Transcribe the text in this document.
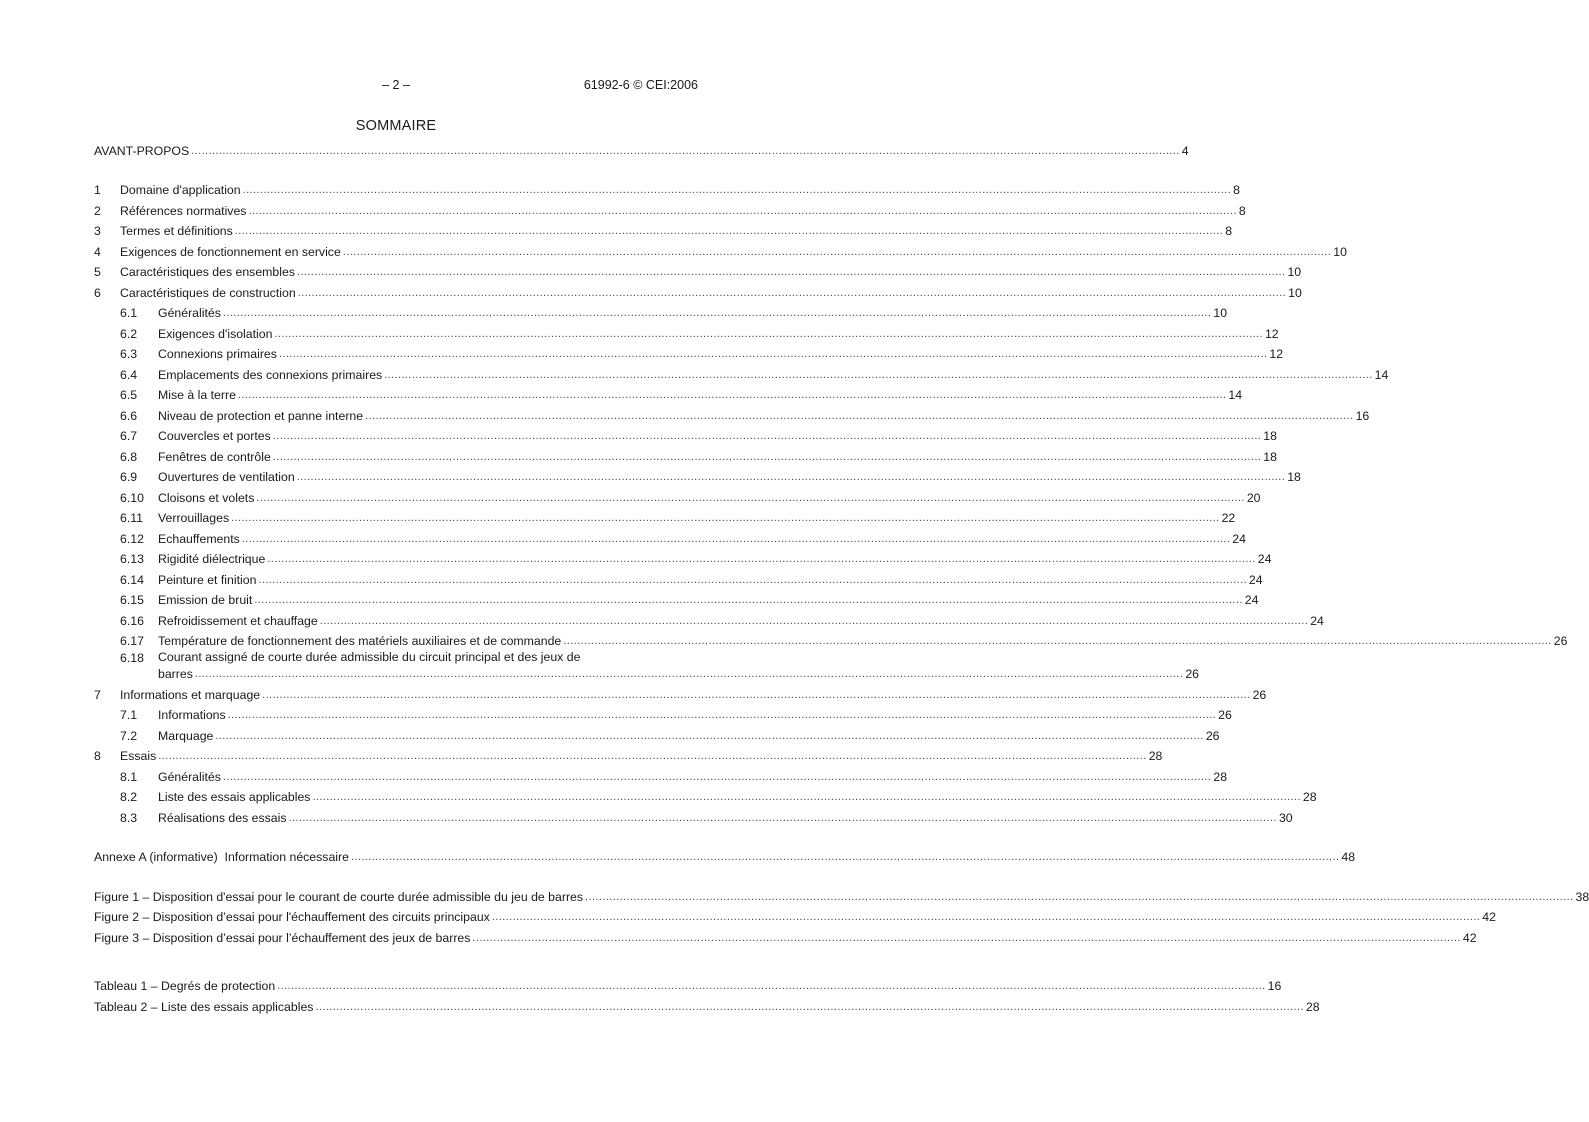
– 2 –	61992-6 © CEI:2006
SOMMAIRE
AVANT-PROPOS .....	4
1	Domaine d'application .....	8
2	Références normatives .....	8
3	Termes et définitions .....	8
4	Exigences de fonctionnement en service .....	10
5	Caractéristiques des ensembles .....	10
6	Caractéristiques de construction .....	10
6.1	Généralités .....	10
6.2	Exigences d'isolation .....	12
6.3	Connexions primaires .....	12
6.4	Emplacements des connexions primaires .....	14
6.5	Mise à la terre .....	14
6.6	Niveau de protection et panne interne .....	16
6.7	Couvercles et portes .....	18
6.8	Fenêtres de contrôle .....	18
6.9	Ouvertures de ventilation .....	18
6.10	Cloisons et volets .....	20
6.11	Verrouillages .....	22
6.12	Echauffements .....	24
6.13	Rigidité diélectrique .....	24
6.14	Peinture et finition .....	24
6.15	Emission de bruit .....	24
6.16	Refroidissement et chauffage .....	24
6.17	Température de fonctionnement des matériels auxiliaires et de commande .....	26
6.18	Courant assigné de courte durée admissible du circuit principal et des jeux de
barres .....	26
7	Informations et marquage .....	26
7.1	Informations .....	26
7.2	Marquage .....	26
8	Essais .....	28
8.1	Généralités .....	28
8.2	Liste des essais applicables .....	28
8.3	Réalisations des essais .....	30
Annexe A (informative)  Information nécessaire .....	48
Figure 1 – Disposition d'essai pour le courant de courte durée admissible du jeu de barres .....	38
Figure 2 – Disposition d’essai pour l'échauffement des circuits principaux .....	42
Figure 3 – Disposition d’essai pour l’échauffement des jeux de barres .....	42
Tableau 1 – Degrés de protection .....	16
Tableau 2 – Liste des essais applicables .....	28
